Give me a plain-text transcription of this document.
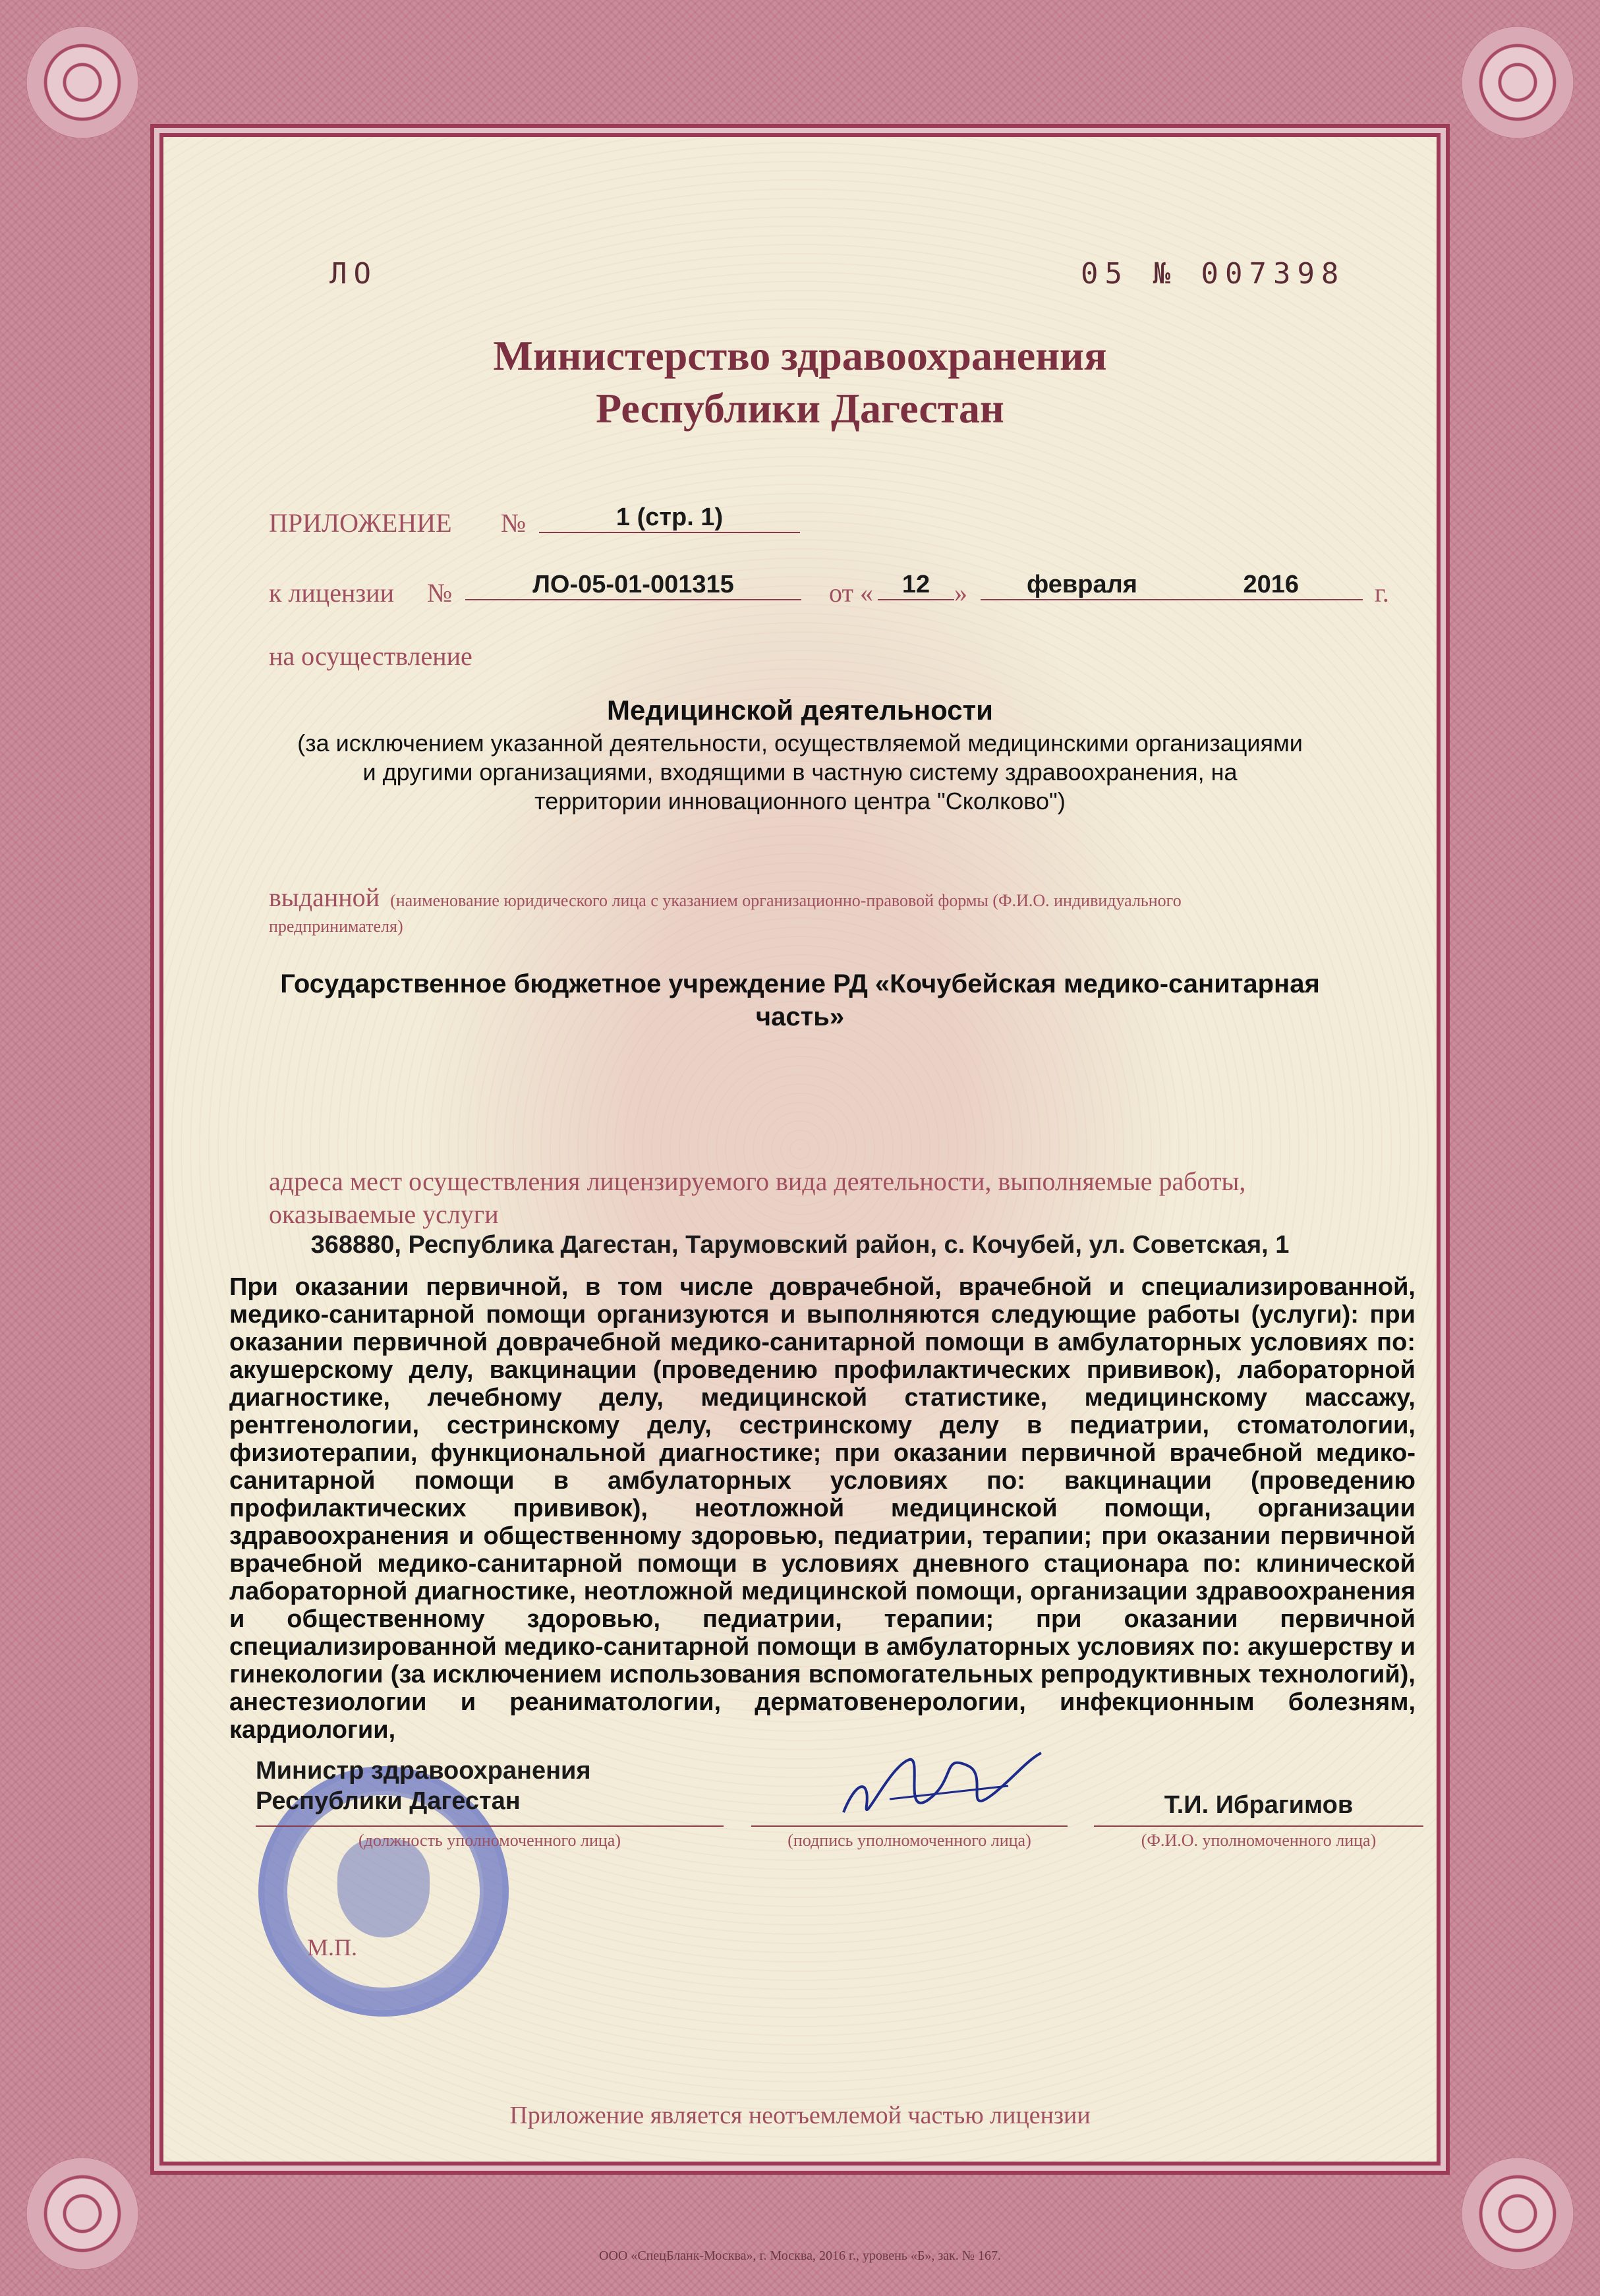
ЛО	05 № 007398
Министерство здравоохранения
Республики Дагестан
ПРИЛОЖЕНИЕ №	1 (стр. 1)
к лицензии №	ЛО-05-01-001315	от «	12 »	февраля	2016	г.
на осуществление
Медицинской деятельности
(за исключением указанной деятельности, осуществляемой медицинскими организациями
и другими организациями, входящими в частную систему здравоохранения, на
территории инновационного центра "Сколково")
выданной (наименование юридического лица с указанием организационно-правовой формы (Ф.И.О. индивидуального
предпринимателя)
Государственное бюджетное учреждение РД «Кочубейская медико-санитарная
часть»
адреса мест осуществления лицензируемого вида деятельности, выполняемые работы,
оказываемые услуги
368880, Республика Дагестан, Тарумовский район, с. Кочубей, ул. Советская, 1
При оказании первичной, в том числе доврачебной, врачебной и специализированной, медико-санитарной помощи организуются и выполняются следующие работы (услуги): при оказании первичной доврачебной медико-санитарной помощи в амбулаторных условиях по: акушерскому делу, вакцинации (проведению профилактических прививок), лабораторной диагностике, лечебному делу, медицинской статистике, медицинскому массажу, рентгенологии, сестринскому делу, сестринскому делу в педиатрии, стоматологии, физиотерапии, функциональной диагностике; при оказании первичной врачебной медико-санитарной помощи в амбулаторных условиях по: вакцинации (проведению профилактических прививок), неотложной медицинской помощи, организации здравоохранения и общественному здоровью, педиатрии, терапии; при оказании первичной врачебной медико-санитарной помощи в условиях дневного стационара по: клинической лабораторной диагностике, неотложной медицинской помощи, организации здравоохранения и общественному здоровью, педиатрии, терапии; при оказании первичной специализированной медико-санитарной помощи в амбулаторных условиях по: акушерству и гинекологии (за исключением использования вспомогательных репродуктивных технологий), анестезиологии и реаниматологии, дерматовенерологии, инфекционным болезням, кардиологии,
М.П.
Министр здравоохранения
Республики Дагестан
(должность уполномоченного лица)	(подпись уполномоченного лица)
Т.И. Ибрагимов
(Ф.И.О. уполномоченного лица)
Приложение является неотъемлемой частью лицензии
ООО «СпецБланк-Москва», г. Москва, 2016 г., уровень «Б», зак. № 167.
